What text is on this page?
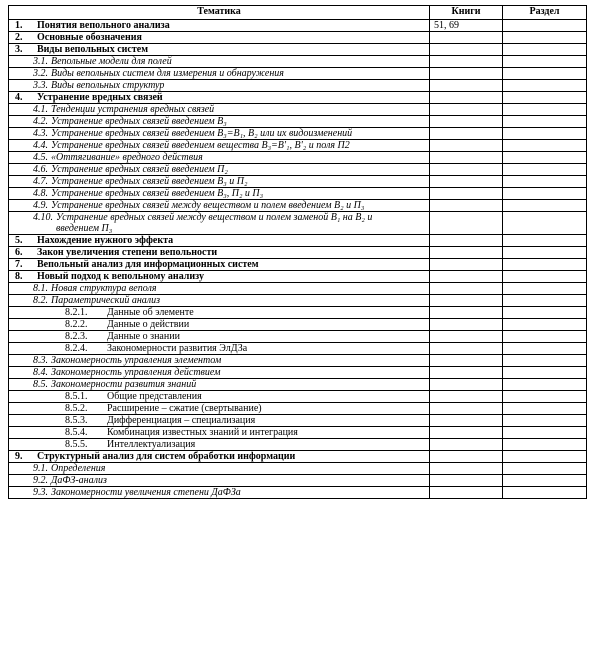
Тематика	Книги	Раздел
1. Понятия вепо́льного анализа	51, 69	
2. Основные обозначения		
3. Виды вепольных систем		
3.1. Вепольные модели для полей		
3.2. Виды вепольных систем для измерения и обнаружения		
3.3. Виды вепольных структур		
4. Устранение вредных связей		
4.1. Тенденции устранения вредных связей		
4.2. Устранение вредных связей введением В₃		
4.3. Устранение вредных связей введением В₃=В₁, В₂ или их видоизменений		
4.4. Устранение вредных связей введением вещества В₃=В'₁, В'₂ и поля П2		
4.5. «Оттягивание» вредного действия		
4.6. Устранение вредных связей введением П₂		
4.7. Устранение вредных связей введением В₃ и П₂		
4.8. Устранение вредных связей введением В₃, П₂ и П₃		
4.9. Устранение вредных связей между веществом и полем введением В₂ и П₃		
4.10. Устранение вредных связей между веществом и полем заменой В₁ на В₂ и введением П₃		
5. Нахождение нужного эффекта		
6. Закон увеличения степени вепольности		
7. Вепольный анализ для информационных систем		
8. Новый подход к вепольному анализу		
8.1. Новая структура веполя		
8.2. Параметрический анализ		
8.2.1. Данные об элементе		
8.2.2. Данные о действии		
8.2.3. Данные о знании		
8.2.4. Закономерности развития ЭлДЗа		
8.3. Закономерность управления элементом		
8.4. Закономерность управления действием		
8.5. Закономерности развития знаний		
8.5.1. Общие представления		
8.5.2. Расширение – сжатие (свертывание)		
8.5.3. Дифференциация – специализация		
8.5.4. Комбинация известных знаний и интеграция		
8.5.5. Интеллектуализация		
9. Структурный анализ для систем обработки информации		
9.1. Определения		
9.2. ДаФЗ-анализ		
9.3. Закономерности увеличения степени ДаФЗа		
